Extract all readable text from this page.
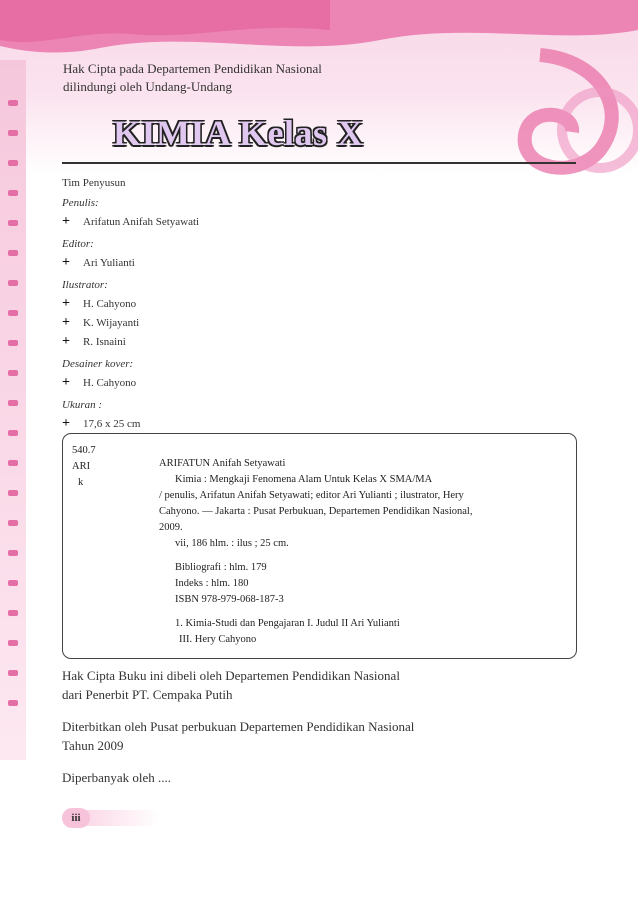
Hak Cipta pada Departemen Pendidikan Nasional
dilindungi oleh Undang-Undang
KIMIA Kelas X
Tim Penyusun
Penulis:
+	Arifatun Anifah Setyawati
Editor:
+	Ari Yulianti
Ilustrator:
+	H. Cahyono
+	K. Wijayanti
+	R. Isnaini
Desainer kover:
+	H. Cahyono
Ukuran :
+	17,6 x 25 cm
540.7
ARI
k
ARIFATUN Anifah Setyawati
Kimia : Mengkaji Fenomena Alam Untuk Kelas X SMA/MA
/ penulis, Arifatun Anifah Setyawati; editor Ari Yulianti ; ilustrator, Hery
Cahyono. — Jakarta : Pusat Perbukuan, Departemen Pendidikan Nasional,
2009.
vii, 186 hlm. : ilus ; 25 cm.
Bibliografi : hlm. 179
Indeks : hlm. 180
ISBN 978-979-068-187-3
1. Kimia-Studi dan Pengajaran I. Judul II Ari Yulianti
III. Hery Cahyono

Hak Cipta Buku ini dibeli oleh Departemen Pendidikan Nasional
dari Penerbit PT. Cempaka Putih

Diterbitkan oleh Pusat perbukuan Departemen Pendidikan Nasional
Tahun 2009

Diperbanyak oleh ....

iii
